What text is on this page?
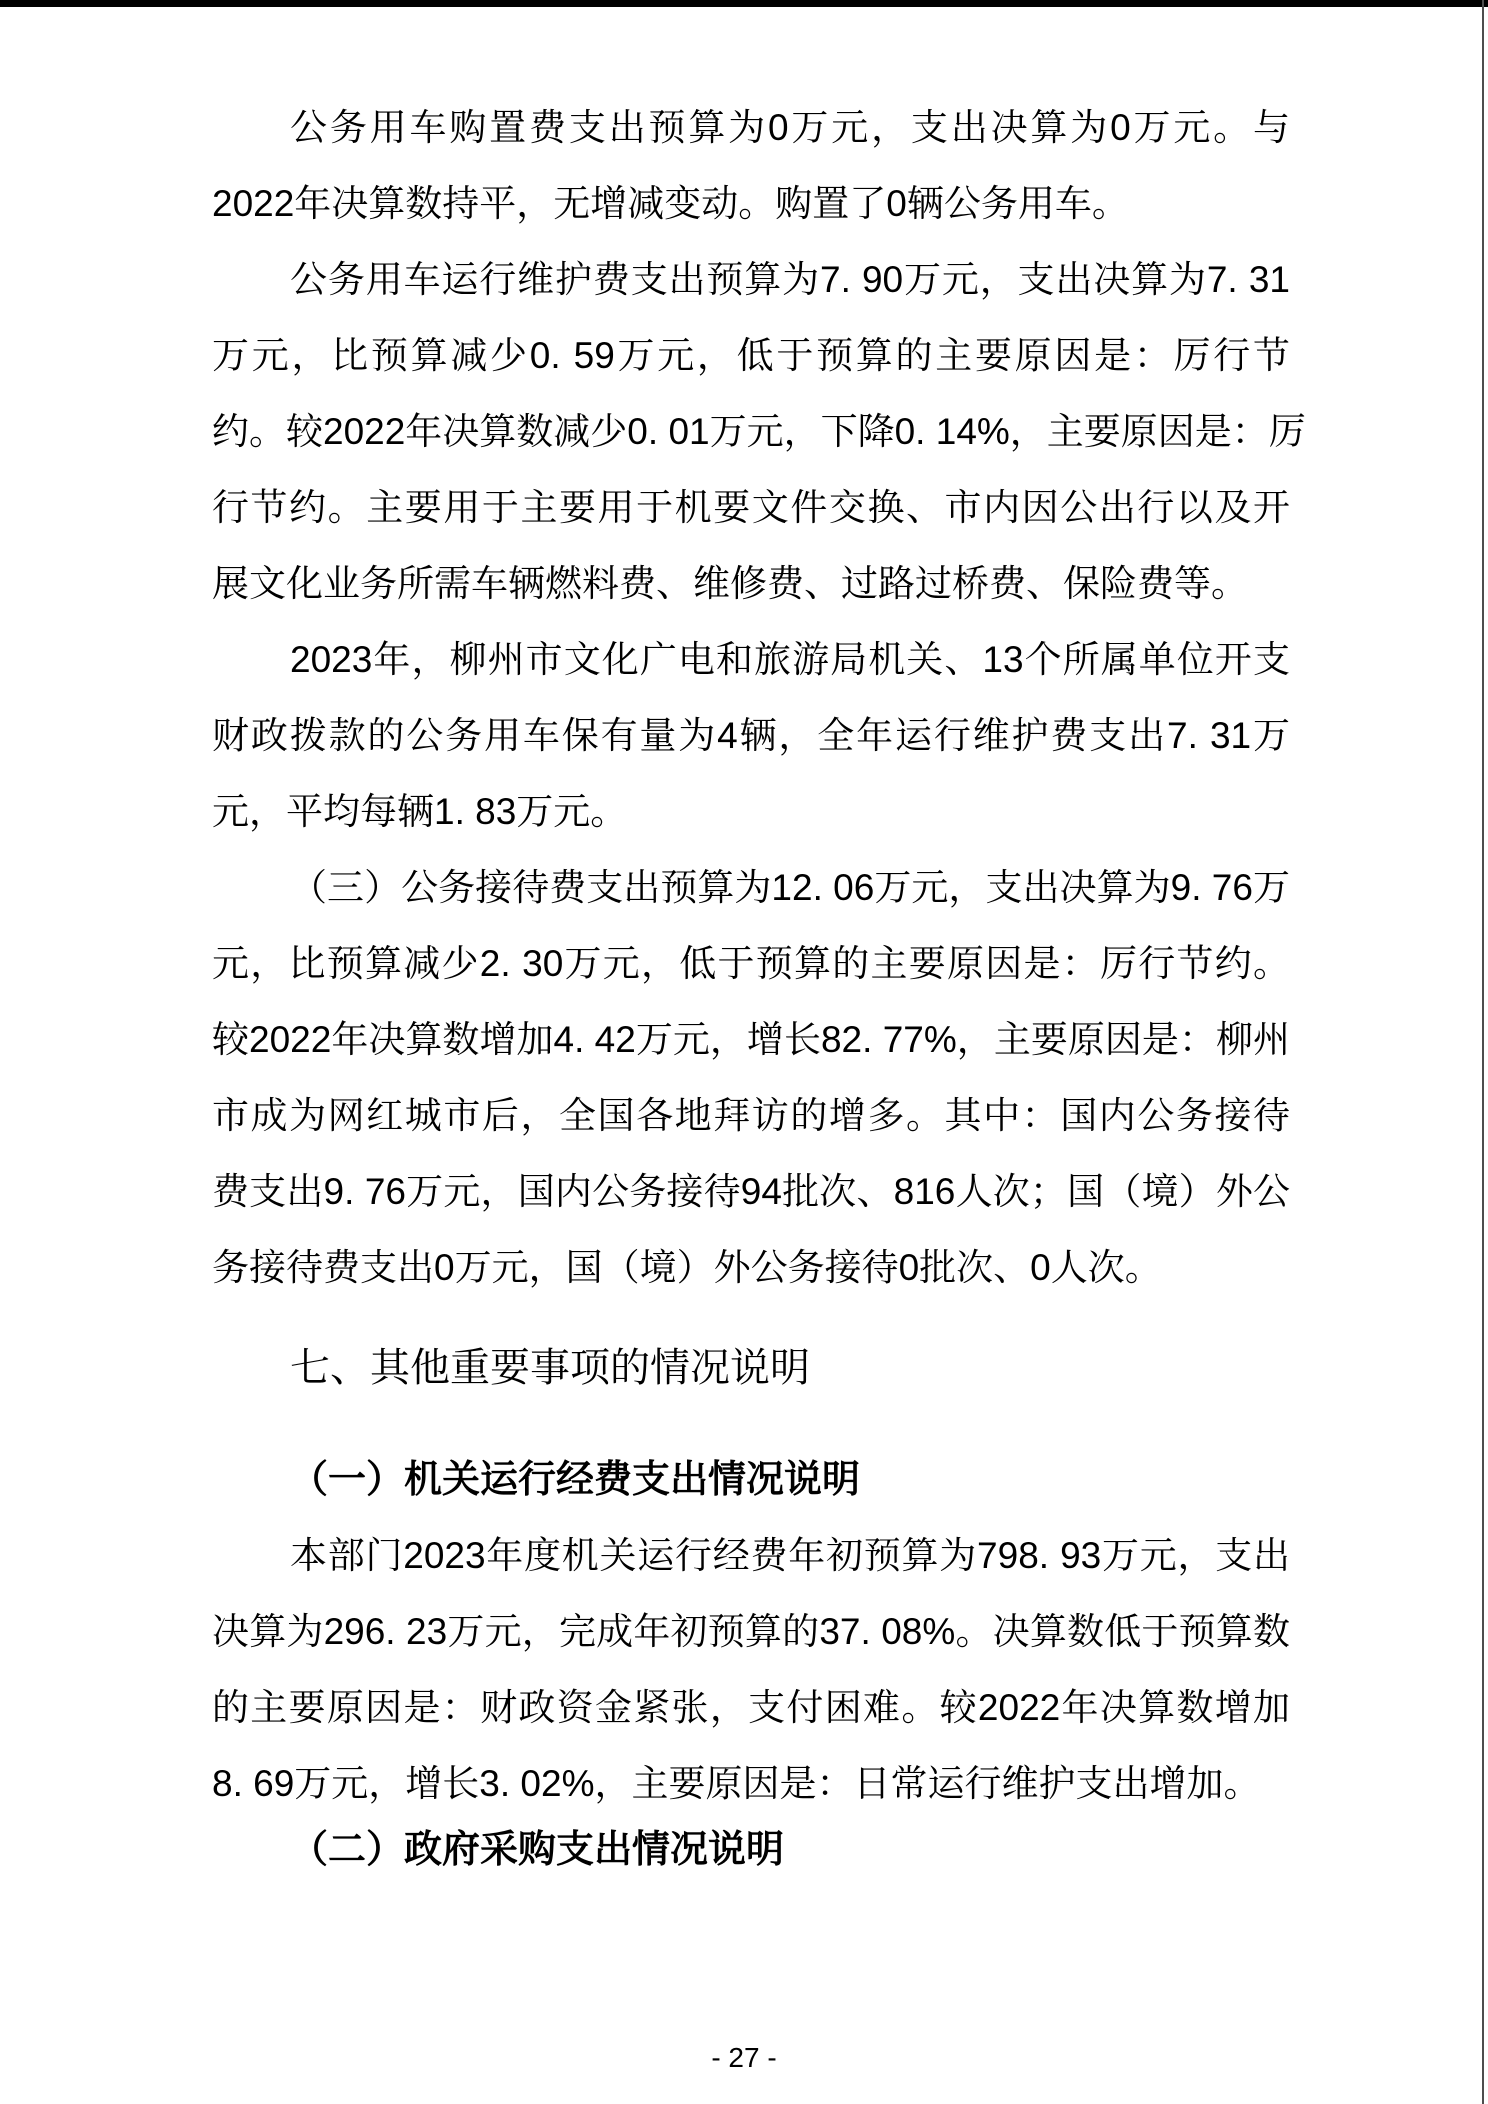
公务用车购置费支出预算为0万元，支出决算为0万元。与
2022年决算数持平，无增减变动。购置了0辆公务用车。
公务用车运行维护费支出预算为7. 90万元，支出决算为7. 31
万元，比预算减少0. 59万元，低于预算的主要原因是：厉行节
约。较2022年决算数减少0. 01万元，下降0. 14%，主要原因是：厉
行节约。主要用于主要用于机要文件交换、市内因公出行以及开
展文化业务所需车辆燃料费、维修费、过路过桥费、保险费等。
2023年，柳州市文化广电和旅游局机关、13个所属单位开支
财政拨款的公务用车保有量为4辆，全年运行维护费支出7. 31万
元，平均每辆1. 83万元。
（三）公务接待费支出预算为12. 06万元，支出决算为9. 76万
元，比预算减少2. 30万元，低于预算的主要原因是：厉行节约。
较2022年决算数增加4. 42万元，增长82. 77%，主要原因是：柳州
市成为网红城市后，全国各地拜访的增多。其中：国内公务接待
费支出9. 76万元，国内公务接待94批次、816人次；国（境）外公
务接待费支出0万元，国（境）外公务接待0批次、0人次。
七、其他重要事项的情况说明
（一）机关运行经费支出情况说明
本部门2023年度机关运行经费年初预算为798. 93万元，支出
决算为296. 23万元，完成年初预算的37. 08%。决算数低于预算数
的主要原因是：财政资金紧张，支付困难。较2022年决算数增加
8. 69万元，增长3. 02%，主要原因是：日常运行维护支出增加。
（二）政府采购支出情况说明
- 27 -
